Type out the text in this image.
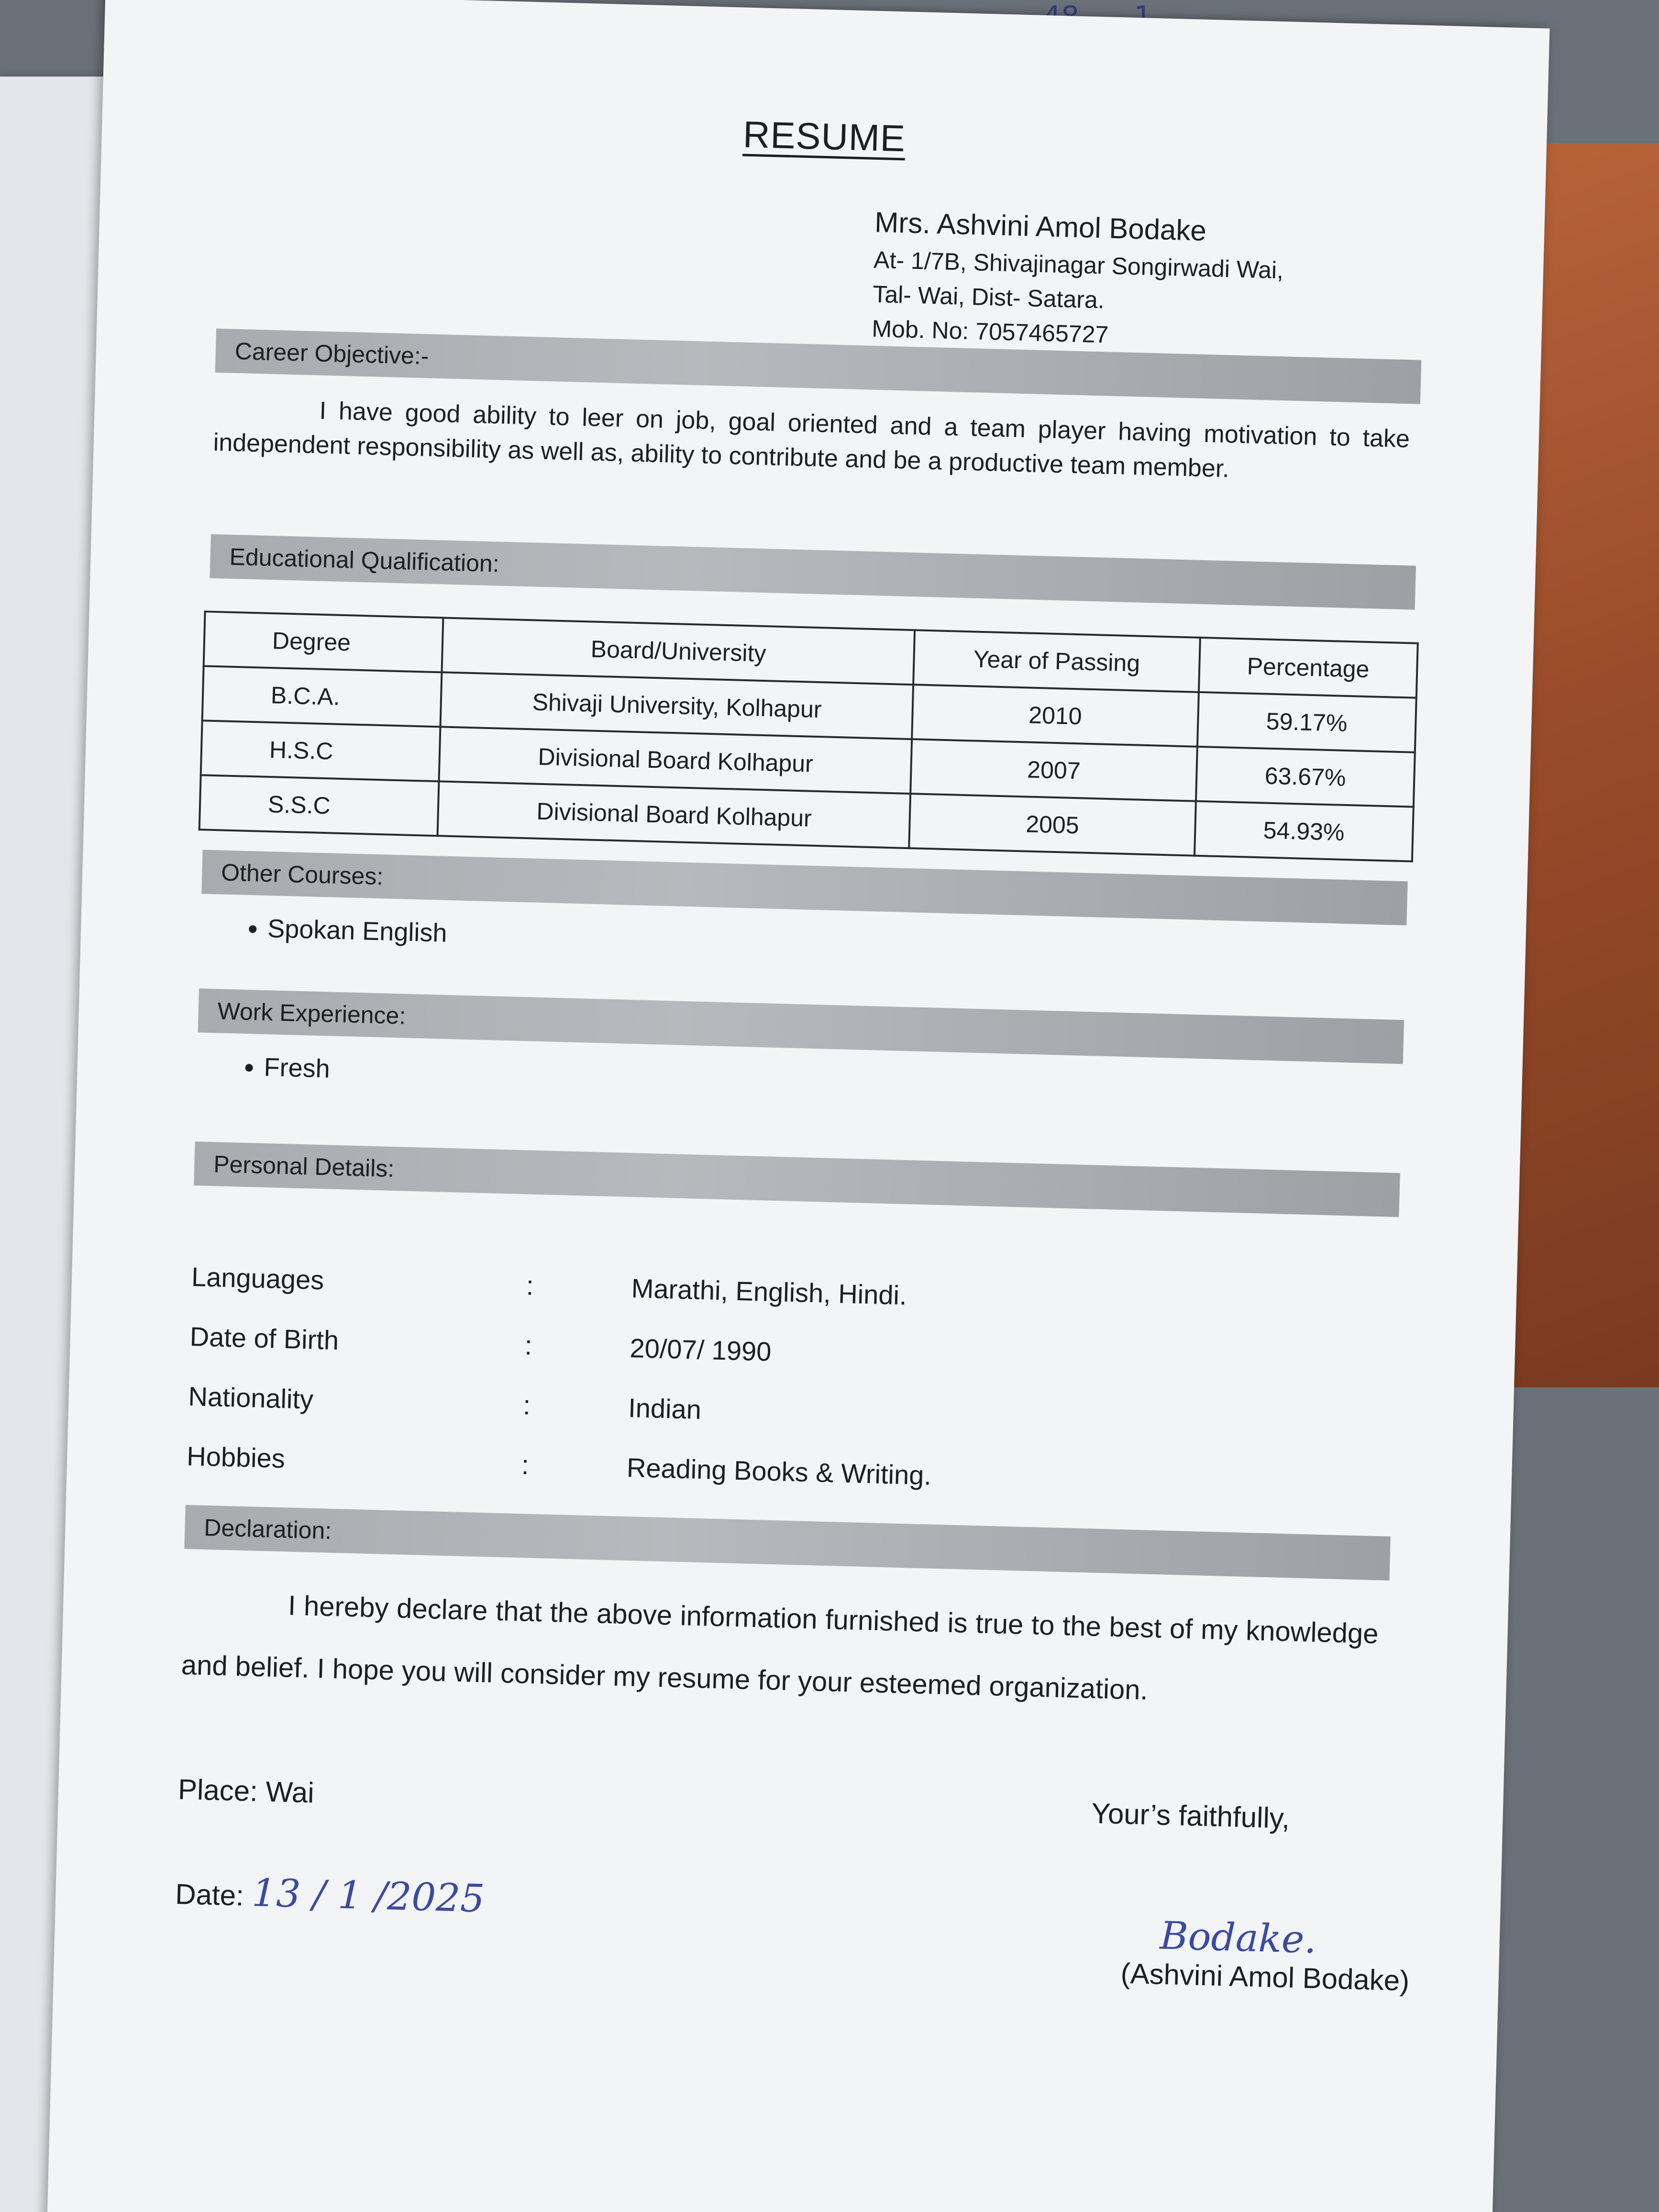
1
RESUME
Mrs. Ashvini Amol Bodake
At- 1/7B, Shivajinagar Songirwadi Wai,
Tal- Wai, Dist- Satara.
Mob. No: 7057465727
Career Objective:-
I have good ability to leer on job, goal oriented and a team player having motivation to take independent responsibility as well as, ability to contribute and be a productive team member.
Educational Qualification:
Degree	Board/University	Year of Passing	Percentage
B.C.A.	Shivaji University, Kolhapur	2010	59.17%
H.S.C	Divisional Board Kolhapur	2007	63.67%
S.S.C	Divisional Board Kolhapur	2005	54.93%
Other Courses:
• Spokan English
Work Experience:
• Fresh
Personal Details:
Languages	:	Marathi, English, Hindi.
Date of Birth	:	20/07/ 1990
Nationality	:	Indian
Hobbies	:	Reading Books & Writing.
Declaration:
I hereby declare that the above information furnished is true to the best of my knowledge and belief. I hope you will consider my resume for your esteemed organization.
Place: Wai
Your’s faithfully,
Date: 13 / 1 /2025
Bodake.
(Ashvini Amol Bodake)
